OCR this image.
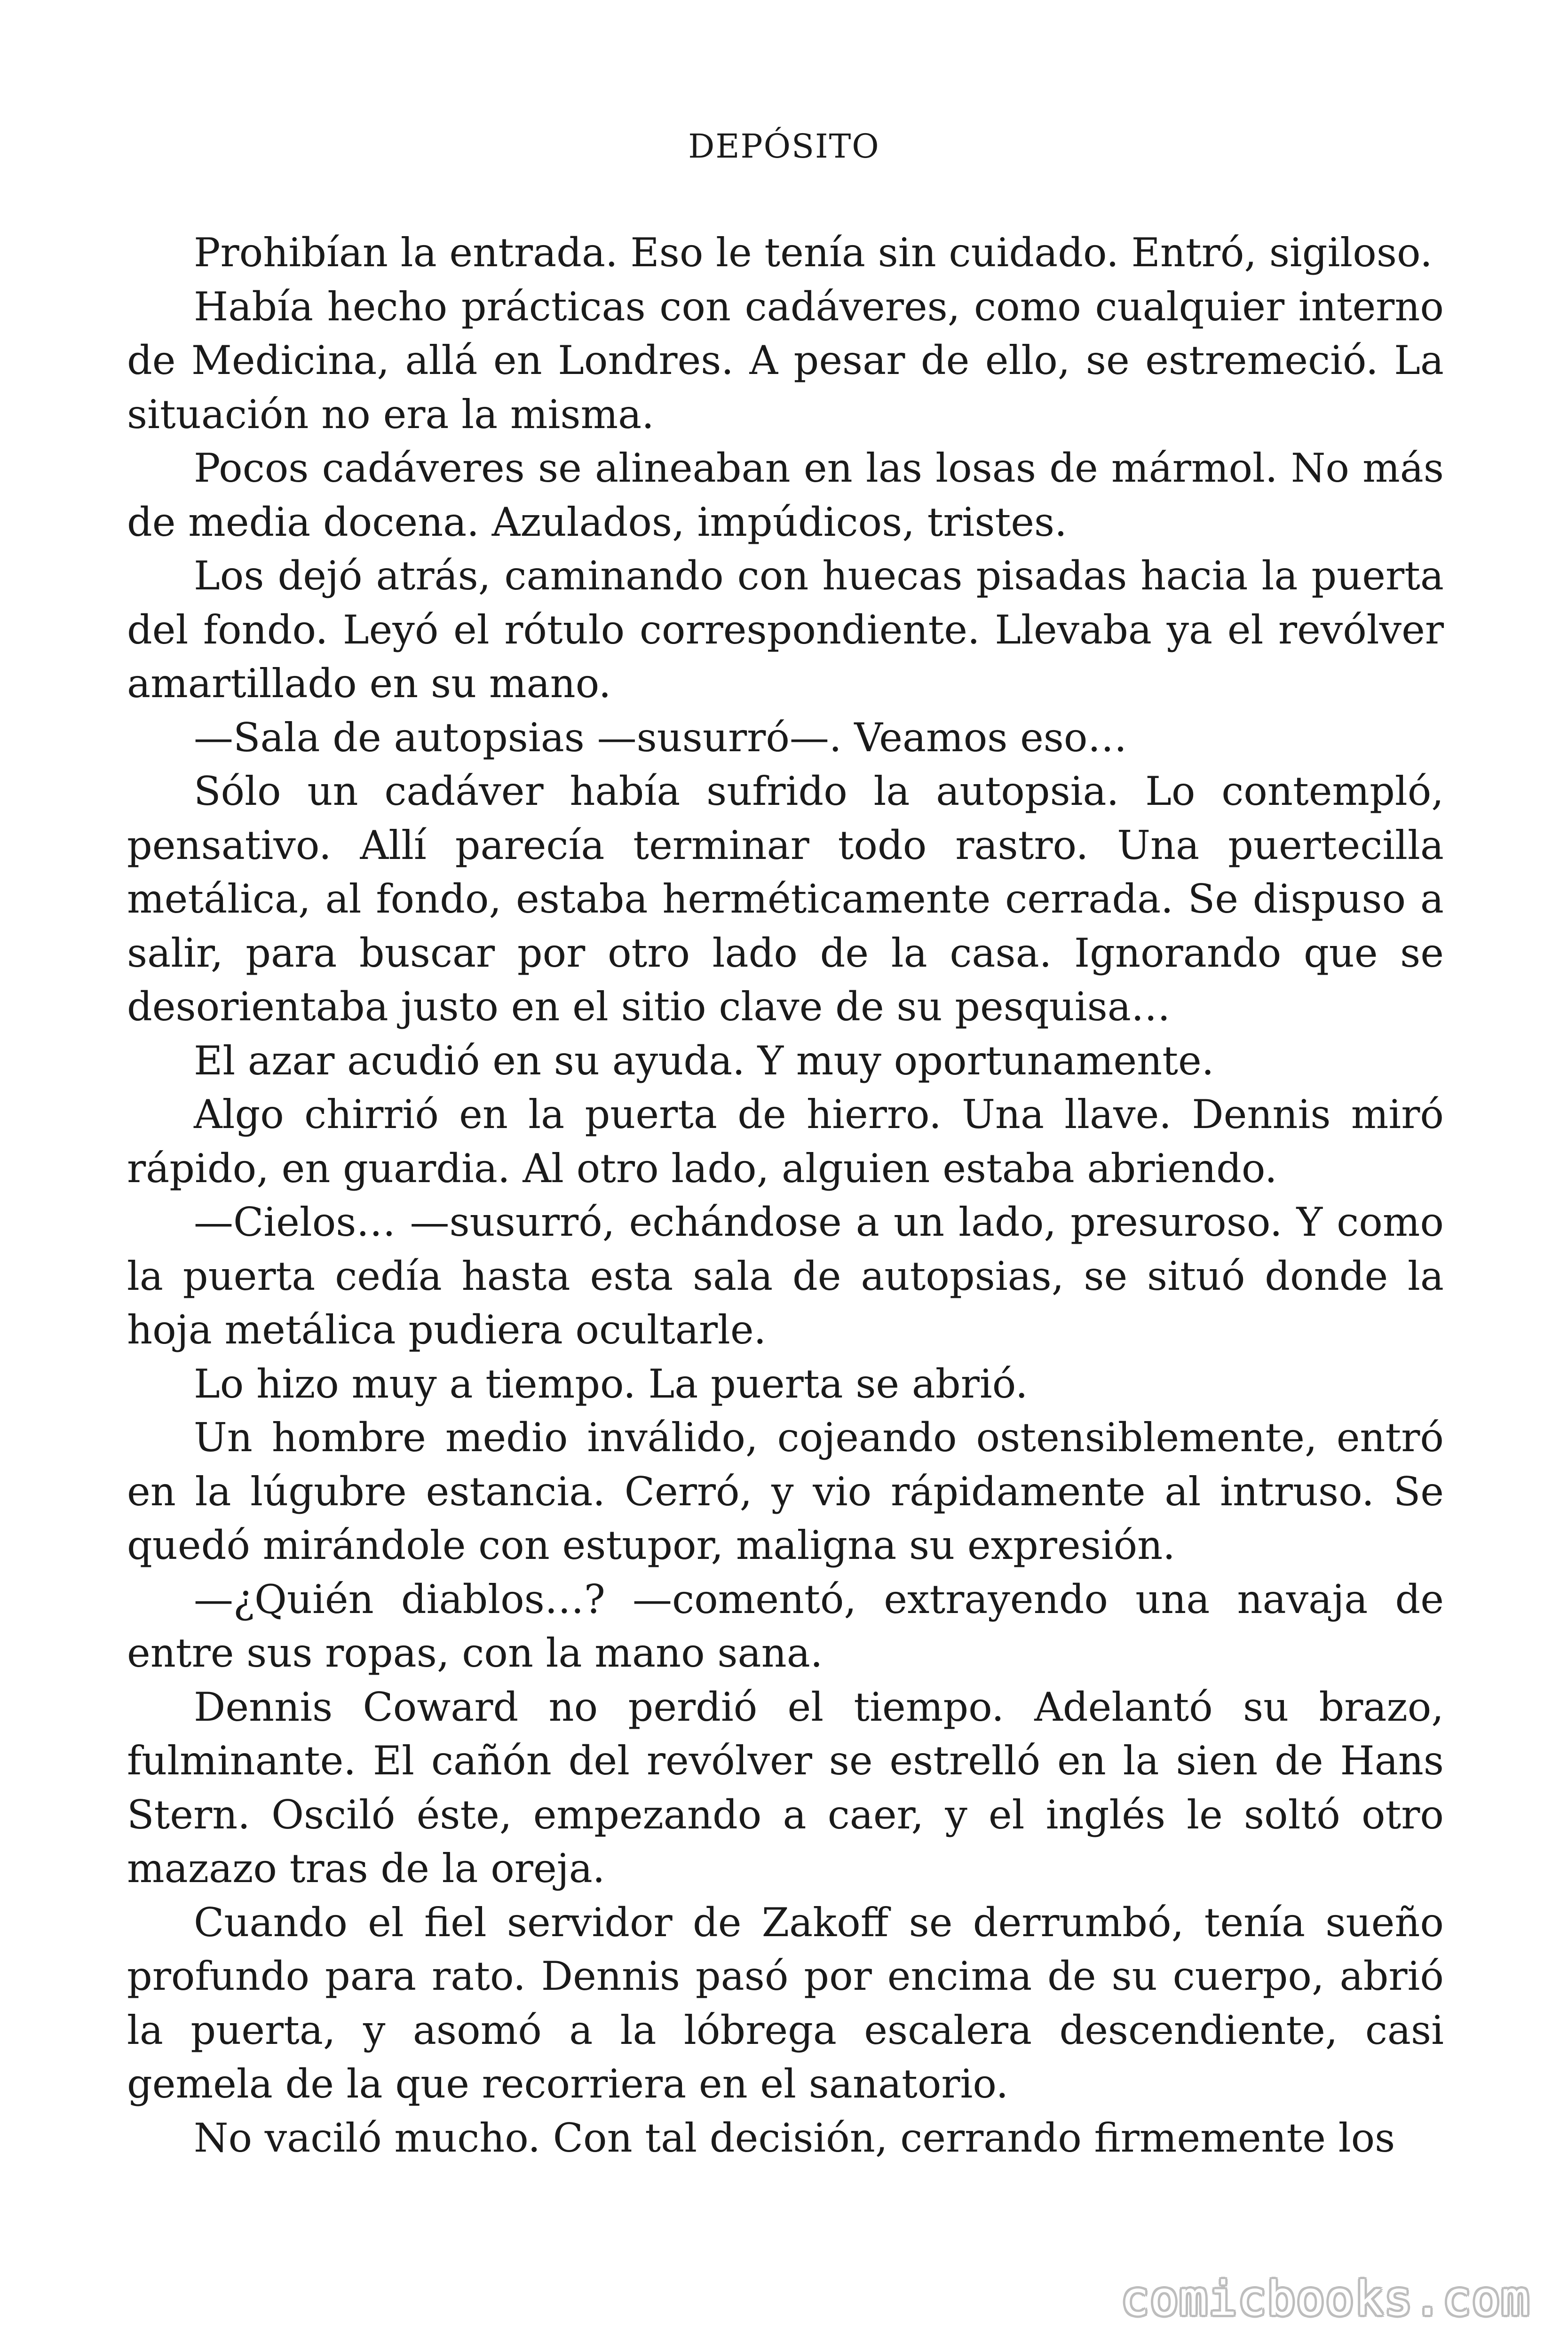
DEPÓSITO

Prohibían la entrada. Eso le tenía sin cuidado. Entró, sigiloso.

Había hecho prácticas con cadáveres, como cualquier interno de Medicina, allá en Londres. A pesar de ello, se estremeció. La situación no era la misma.

Pocos cadáveres se alineaban en las losas de mármol. No más de media docena. Azulados, impúdicos, tristes.

Los dejó atrás, caminando con huecas pisadas hacia la puerta del fondo. Leyó el rótulo correspondiente. Llevaba ya el revólver amartillado en su mano.

—Sala de autopsias —susurró—. Veamos eso…

Sólo un cadáver había sufrido la autopsia. Lo contempló, pensativo. Allí parecía terminar todo rastro. Una puertecilla metálica, al fondo, estaba herméticamente cerrada. Se dispuso a salir, para buscar por otro lado de la casa. Ignorando que se desorientaba justo en el sitio clave de su pesquisa…

El azar acudió en su ayuda. Y muy oportunamente.

Algo chirrió en la puerta de hierro. Una llave. Dennis miró rápido, en guardia. Al otro lado, alguien estaba abriendo.

—Cielos… —susurró, echándose a un lado, presuroso. Y como la puerta cedía hasta esta sala de autopsias, se situó donde la hoja metálica pudiera ocultarle.

Lo hizo muy a tiempo. La puerta se abrió.

Un hombre medio inválido, cojeando ostensiblemente, entró en la lúgubre estancia. Cerró, y vio rápidamente al intruso. Se quedó mirándole con estupor, maligna su expresión.

—¿Quién diablos…? —comentó, extrayendo una navaja de entre sus ropas, con la mano sana.

Dennis Coward no perdió el tiempo. Adelantó su brazo, fulminante. El cañón del revólver se estrelló en la sien de Hans Stern. Osciló éste, empezando a caer, y el inglés le soltó otro mazazo tras de la oreja.

Cuando el fiel servidor de Zakoff se derrumbó, tenía sueño profundo para rato. Dennis pasó por encima de su cuerpo, abrió la puerta, y asomó a la lóbrega escalera descendiente, casi gemela de la que recorriera en el sanatorio.

No vaciló mucho. Con tal decisión, cerrando firmemente los

comicbooks.com
